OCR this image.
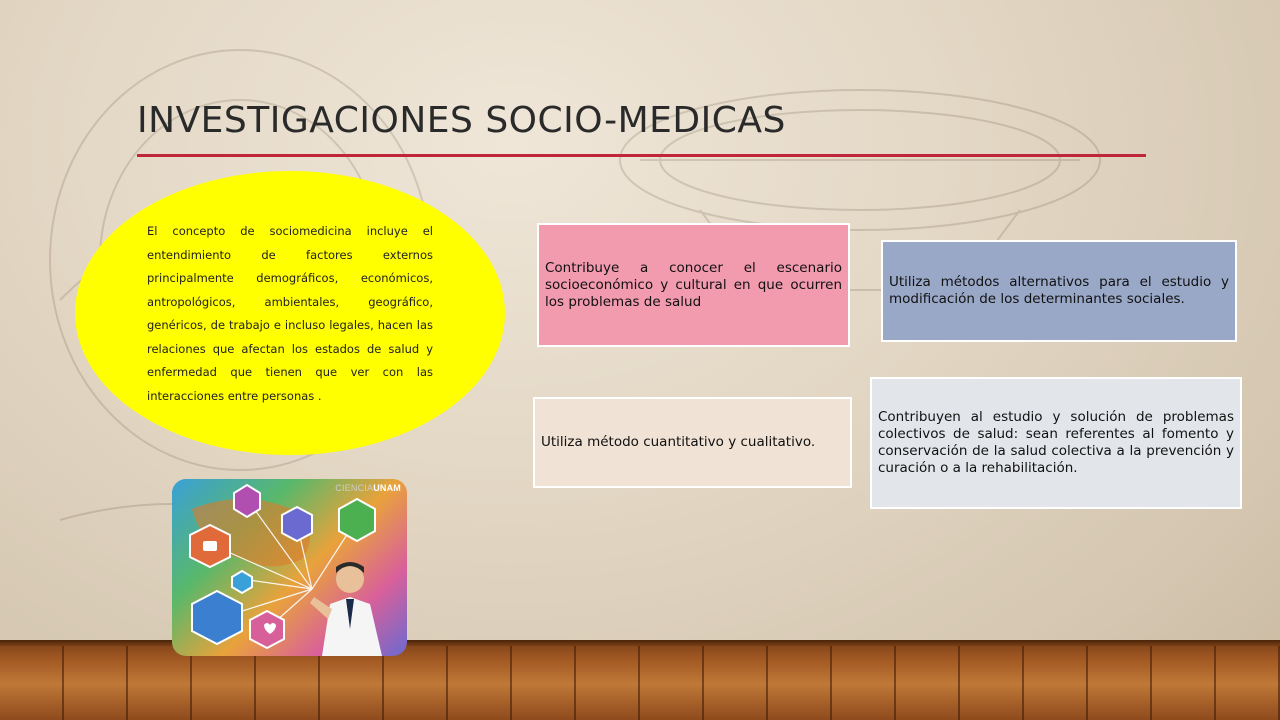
INVESTIGACIONES SOCIO-MEDICAS

El concepto de sociomedicina incluye el entendimiento de factores externos principalmente demográficos, económicos, antropológicos, ambientales, geográfico, genéricos, de trabajo e incluso legales, hacen las relaciones que afectan los estados de salud y enfermedad que tienen que ver con las interacciones entre personas .

Contribuye a conocer el escenario socioeconómico y cultural en que ocurren los problemas de salud
Utiliza métodos alternativos para el estudio y modificación de los determinantes sociales.
Utiliza método cuantitativo y cualitativo.
Contribuyen al estudio y solución de problemas colectivos de salud: sean referentes al fomento y conservación de la salud colectiva a la prevención y curación o a la rehabilitación.
CIENCIAUNAM
